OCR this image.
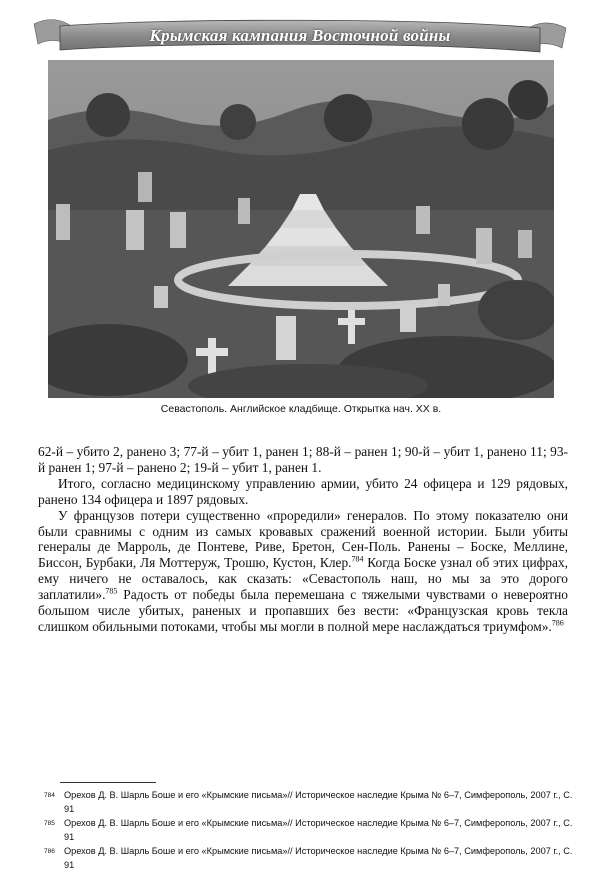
Крымская кампания Восточной войны
Севастополь. Английское кладбище. Открытка нач. XX в.

62-й – убито 2, ранено 3; 77-й – убит 1, ранен 1; 88-й – ранен 1; 90-й – убит 1, ранено 11; 93-й ранен 1; 97-й – ранено 2; 19-й – убит 1, ранен 1.

Итого, согласно медицинскому управлению армии, убито 24 офицера и 129 рядовых, ранено 134 офицера и 1897 рядовых.

У французов потери существенно «проредили» генералов. По этому показателю они были сравнимы с одним из самых кровавых сражений военной истории. Были убиты генералы де Марроль, де Понтеве, Риве, Бретон, Сен-Поль. Ранены – Боске, Меллине, Биссон, Бурбаки, Ля Моттеруж, Трошю, Кустон, Клер.$^{784}$ Когда Боске узнал об этих цифрах, ему ничего не оставалось, как сказать: «Севастополь наш, но мы за это дорого заплатили».$^{785}$ Радость от победы была перемешана с тяжелыми чувствами о невероятно большом числе убитых, раненых и пропавших без вести: «Французская кровь текла слишком обильными потоками, чтобы мы могли в полной мере наслаждаться триумфом».$^{786}$

784 Орехов Д. В. Шарль Боше и его «Крымские письма»// Историческое наследие Крыма № 6–7, Симферополь, 2007 г., С. 91
785 Орехов Д. В. Шарль Боше и его «Крымские письма»// Историческое наследие Крыма № 6–7, Симферополь, 2007 г., С. 91
786 Орехов Д. В. Шарль Боше и его «Крымские письма»// Историческое наследие Крыма № 6–7, Симферополь, 2007 г., С. 91
